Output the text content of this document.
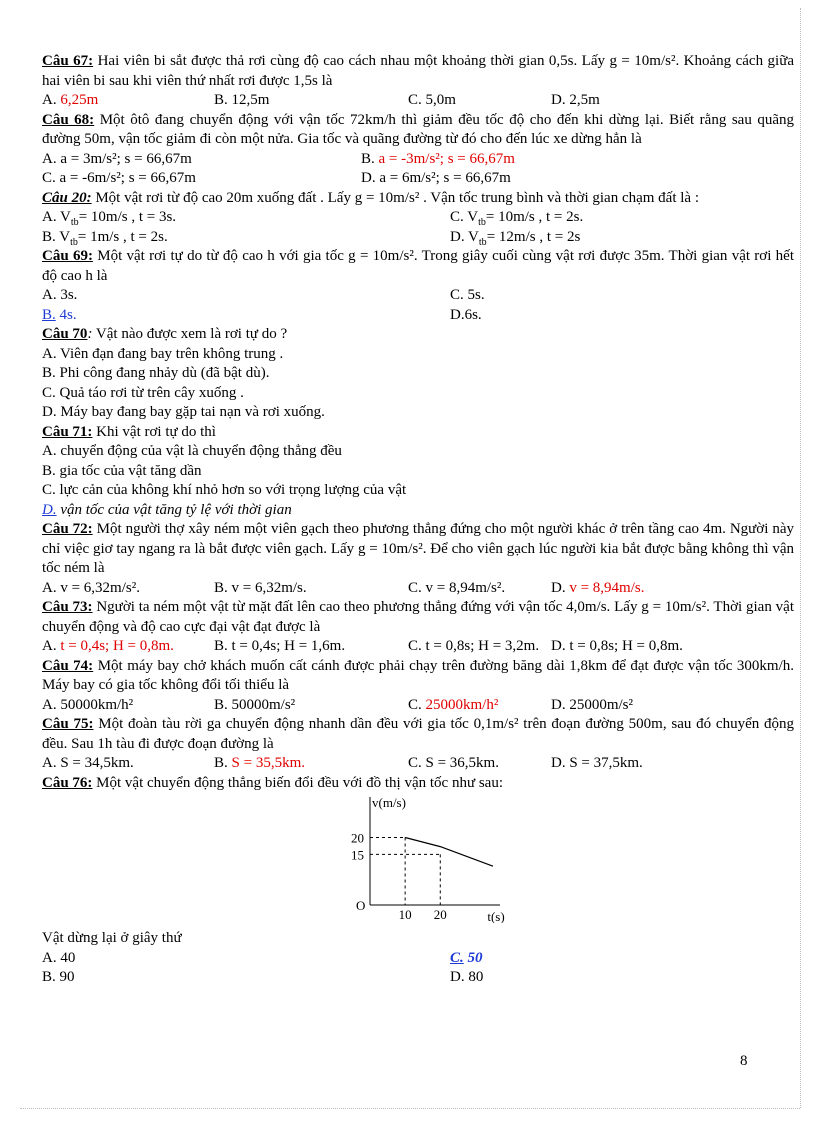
Câu 67: Hai viên bi sắt được thả rơi cùng độ cao cách nhau một khoảng thời gian 0,5s. Lấy g = 10m/s². Khoảng cách giữa hai viên bi sau khi viên thứ nhất rơi được 1,5s là

A. 6,25m	B. 12,5m	C. 5,0m	D. 2,5m

Câu 68: Một ôtô đang chuyển động với vận tốc 72km/h thì giảm đều tốc độ cho đến khi dừng lại. Biết rằng sau quãng đường 50m, vận tốc giảm đi còn một nửa. Gia tốc và quãng đường từ đó cho đến lúc xe dừng hẳn là

A. a = 3m/s²; s = 66,67m	B. a = -3m/s²; s = 66,67m
C. a = -6m/s²; s = 66,67m	D. a = 6m/s²; s = 66,67m

Câu 20: Một vật rơi từ độ cao 20m xuống đất . Lấy g = 10m/s² . Vận tốc trung bình và thời gian chạm đất là :

A. $V_{tb}= 10m/s$ , t = 3s.	C. $V_{tb}= 10m/s$ , t = 2s.
B. $V_{tb}= 1m/s$ , t = 2s.	D. $V_{tb}= 12m/s$ , t = 2s

Câu 69: Một vật rơi tự do từ độ cao h với gia tốc g = 10m/s². Trong giây cuối cùng vật rơi được 35m. Thời gian vật rơi hết độ cao h là

A. 3s.	C. 5s.
B. 4s.	D.6s.

Câu 70: Vật nào được xem là rơi tự do ?

A. Viên đạn đang bay trên không trung .

B. Phi công đang nhảy dù (đã bật dù).

C. Quả táo rơi từ trên cây xuống .

D. Máy bay đang bay gặp tai nạn và rơi xuống.

Câu 71: Khi vật rơi tự do thì

A. chuyển động của vật là chuyển động thẳng đều

B. gia tốc của vật tăng dần

C. lực cản của không khí nhỏ hơn so với trọng lượng của vật

D. vận tốc của vật tăng tỷ lệ với thời gian

Câu 72: Một người thợ xây ném một viên gạch theo phương thẳng đứng cho một người khác ở trên tầng cao 4m. Người này chỉ việc giơ tay ngang ra là bắt được viên gạch. Lấy g = 10m/s². Để cho viên gạch lúc người kia bắt được bằng không thì vận tốc ném là

A. v = 6,32m/s².	B. v = 6,32m/s.	C. v = 8,94m/s².	D. v = 8,94m/s.

Câu 73: Người ta ném một vật từ mặt đất lên cao theo phương thẳng đứng với vận tốc 4,0m/s. Lấy g = 10m/s². Thời gian vật chuyển động và độ cao cực đại vật đạt được là

A. t = 0,4s; H = 0,8m.	B. t = 0,4s; H = 1,6m.	C. t = 0,8s; H = 3,2m. D. t = 0,8s; H = 0,8m.

Câu 74: Một máy bay chở khách muốn cất cánh được phải chạy trên đường băng dài 1,8km để đạt được vận tốc 300km/h. Máy bay có gia tốc không đổi tối thiểu là

A. 50000km/h²	B. 50000m/s²	C. 25000km/h²	D. 25000m/s²

Câu 75: Một đoàn tàu rời ga chuyển động nhanh dần đều với gia tốc 0,1m/s² trên đoạn đường 500m, sau đó chuyển động đều. Sau 1h tàu đi được đoạn đường là

A. S = 34,5km.	B. S = 35,5km.	C. S = 36,5km.	D. S = 37,5km.

Câu 76: Một vật chuyển động thẳng biến đổi đều với đồ thị vận tốc như sau:

v(m/s)
t(s)
O
20
15
10 20

Vật dừng lại ở giây thứ

A. 40	C. 50
B. 90	D. 80
8
